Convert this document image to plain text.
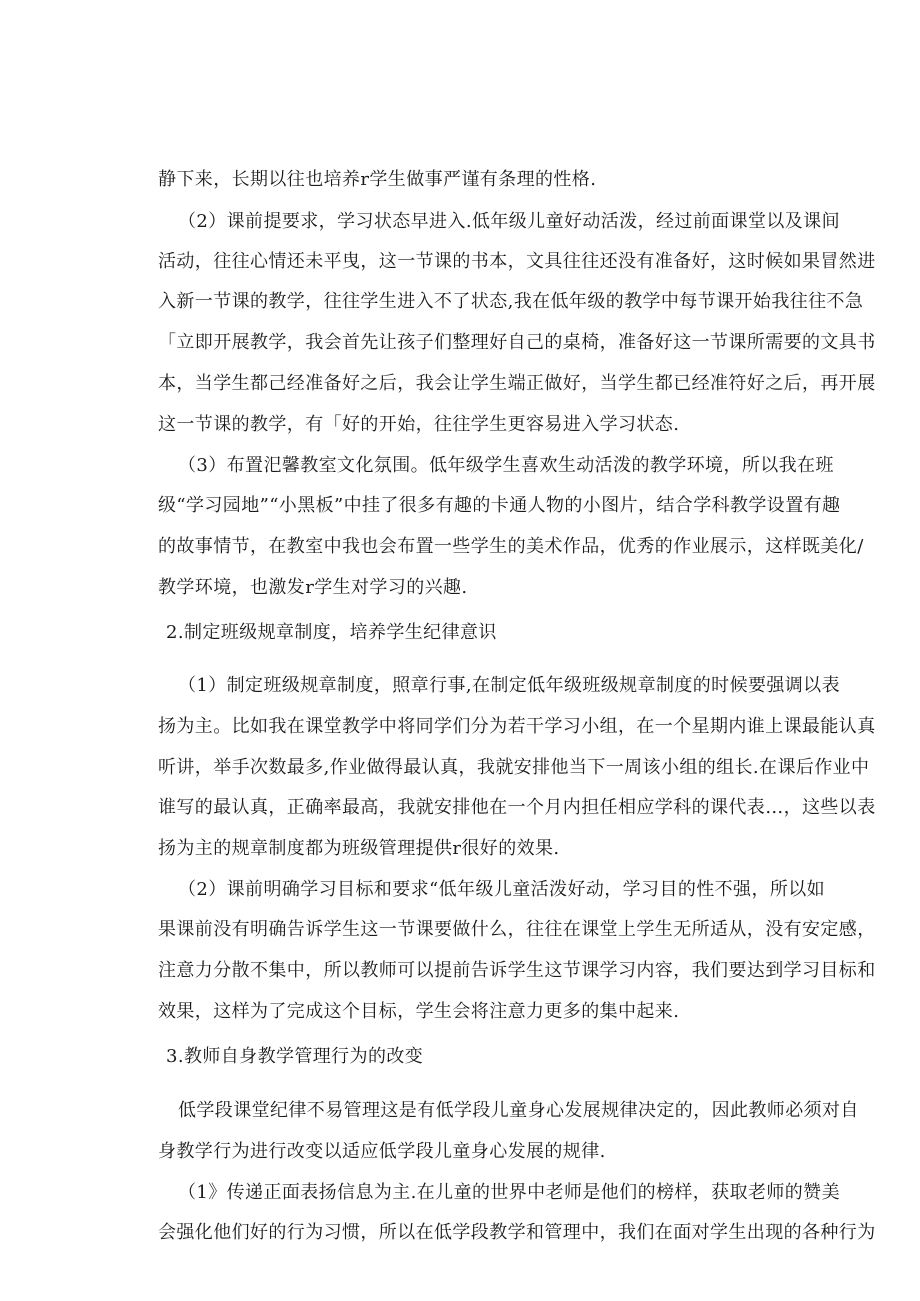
静下来，长期以往也培养r学生做事严谨有条理的性格.
（2）课前提要求，学习状态早进入.低年级儿童好动活泼，经过前面课堂以及课间
活动，往往心情还未平曳，这一节课的书本，文具往往还没有准备好，这时候如果冒然进
入新一节课的教学，往往学生进入不了状态,我在低年级的教学中每节课开始我往往不急
「立即开展教学，我会首先让孩子们整理好自己的桌椅，准备好这一节课所需要的文具书
本，当学生都己经准备好之后，我会让学生端正做好，当学生都已经准符好之后，再开展
这一节课的教学，有「好的开始，往往学生更容易进入学习状态.
（3）布置汜馨教室文化氛围。低年级学生喜欢生动活泼的教学环境，所以我在班
级“学习园地”“小黑板”中挂了很多有趣的卡通人物的小图片，结合学科教学设置有趣
的故事情节，在教室中我也会布置一些学生的美术作品，优秀的作业展示，这样既美化/
教学环境，也激发r学生对学习的兴趣.
2.制定班级规章制度，培养学生纪律意识
（1）制定班级规章制度，照章行事,在制定低年级班级规章制度的时候要强调以表
扬为主。比如我在课堂教学中将同学们分为若干学习小组，在一个星期内谁上课最能认真
听讲，举手次数最多,作业做得最认真，我就安排他当下一周该小组的组长.在课后作业中
谁写的最认真，正确率最高，我就安排他在一个月内担任相应学科的课代表…，这些以表
扬为主的规章制度都为班级管理提供r很好的效果.
（2）课前明确学习目标和要求“低年级儿童活泼好动，学习目的性不强，所以如
果课前没有明确告诉学生这一节课要做什么，往往在课堂上学生无所适从，没有安定感，
注意力分散不集中，所以教师可以提前告诉学生这节课学习内容，我们要达到学习目标和
效果，这样为了完成这个目标，学生会将注意力更多的集中起来.
3.教师自身教学管理行为的改变
低学段课堂纪律不易管理这是有低学段儿童身心发展规律决定的，因此教师必须对自
身教学行为进行改变以适应低学段儿童身心发展的规律.
（1》传递正面表扬信息为主.在儿童的世界中老师是他们的榜样，获取老师的赞美
会强化他们好的行为习惯，所以在低学段教学和管理中，我们在面对学生出现的各种行为
